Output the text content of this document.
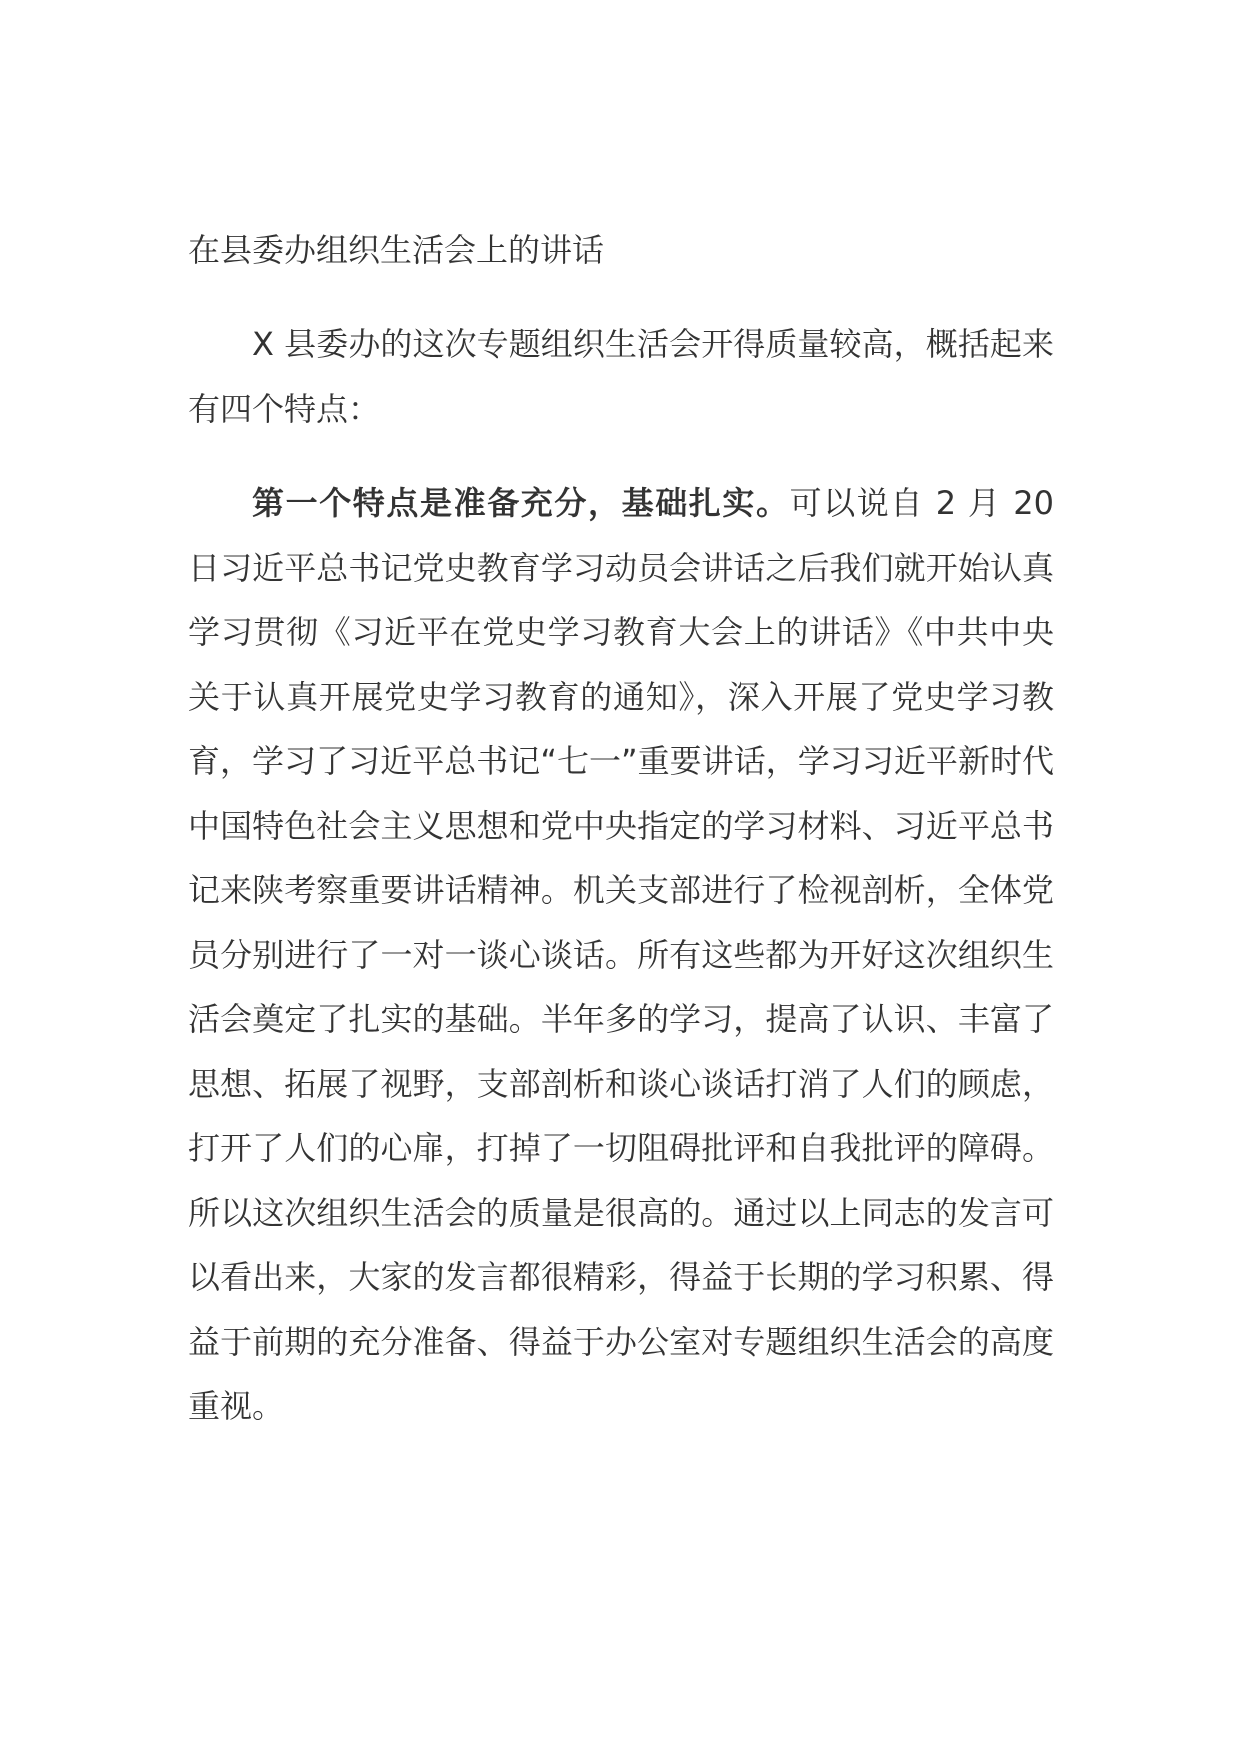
在县委办组织生活会上的讲话

X 县委办的这次专题组织生活会开得质量较高，概括起来有四个特点：

第一个特点是准备充分，基础扎实。可以说自 2 月 20 日习近平总书记党史教育学习动员会讲话之后我们就开始认真学习贯彻《习近平在党史学习教育大会上的讲话》《中共中央关于认真开展党史学习教育的通知》，深入开展了党史学习教育，学习了习近平总书记“七一”重要讲话，学习习近平新时代中国特色社会主义思想和党中央指定的学习材料、习近平总书记来陕考察重要讲话精神。机关支部进行了检视剖析，全体党员分别进行了一对一谈心谈话。所有这些都为开好这次组织生活会奠定了扎实的基础。半年多的学习，提高了认识、丰富了思想、拓展了视野，支部剖析和谈心谈话打消了人们的顾虑，打开了人们的心扉，打掉了一切阻碍批评和自我批评的障碍。所以这次组织生活会的质量是很高的。通过以上同志的发言可以看出来，大家的发言都很精彩，得益于长期的学习积累、得益于前期的充分准备、得益于办公室对专题组织生活会的高度重视。
